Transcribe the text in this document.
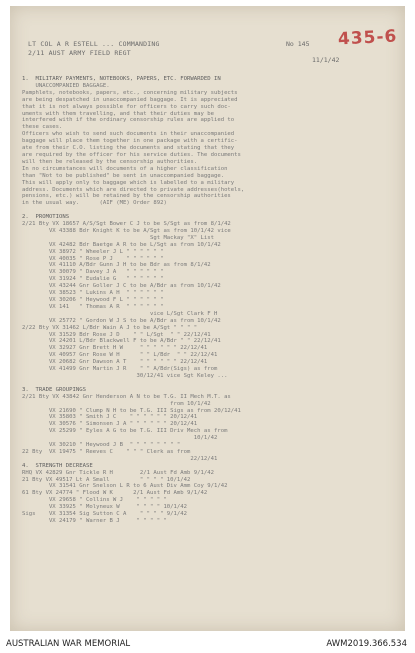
LT COL A R ESTELL ... COMMANDING
2/11 AUST ARMY FIELD REGT
No 145 435-6
11/1/42
1.  MILITARY PAYMENTS, NOTEBOOKS, PAPERS, ETC. FORWARDED IN
UNACCOMPANIED BAGGAGE.
Pamphlets, notebooks, papers, etc., concerning military subjects
are being despatched in unaccompanied baggage. It is appreciated
that it is not always possible for officers to carry such doc-
uments with them travelling, and that their duties may be
interfered with if the ordinary censorship rules are applied to
these cases.
Officers who wish to send such documents in their unaccompanied
baggage will place them together in one package with a certific-
ate from their C.O. listing the documents and stating that they
are required by the officer for his service duties. The documents
will then be released by the censorship authorities.
In no circumstances will documents of a higher classification
than "Not to be published" be sent in unaccompanied baggage.
This will apply only to baggage which is labelled to a military
address. Documents which are directed to private addresses(hotels,
pensions, etc.) will be retained by the censorship authorities
in the usual way.      (AIF (ME) Order 892)

2.  PROMOTIONS
2/21 Bty VX 18657 A/S/Sgt Bower C J to be S/Sgt as from 8/1/42
VX 43388 Bdr Knight K to be A/Sgt as from 10/1/42 vice
Sgt Mackay "X" List
VX 42482 Bdr Baetge A R to be L/Sgt as from 10/1/42
VX 38972 " Wheeler J L " " " " " "
VX 40035 " Rose P J    " " " " " "
VX 41110 A/Bdr Gunn J H to be Bdr as from 8/1/42
VX 30079 " Davey J A   " " " " " "
VX 31924 " Eudalie G   " " " " " "
VX 43244 Gnr Goller J C to be A/Bdr as from 10/1/42
VX 38523 " Lukins A H  " " " " " "
VX 30206 " Heywood F L " " " " " "
VX 141   " Thomas A R  " " " " " "
vice L/Sgt Clark F H
VX 25772 " Gordon W J S to be A/Bdr as from 10/1/42
2/22 Bty VX 31462 L/Bdr Wain A J to be A/Sgt " " " "
VX 31529 Bdr Rose J D    " " L/Sgt  " " 22/12/41
VX 24201 L/Bdr Blackwell F to be A/Bdr " " 22/12/41
VX 32927 Gnr Brett H W     " " " " " " 22/12/41
VX 40957 Gnr Rose W H      " " L/Bdr  " " 22/12/41
VX 20682 Gnr Dawson A T    " " " " " " 22/12/41
VX 41499 Gnr Martin J R    " " A/Bdr(Sigs) as from
30/12/41 vice Sgt Keley ...

3.  TRADE GROUPINGS
2/21 Bty VX 43842 Gnr Henderson A N to be T.G. II Mech M.T. as
from 10/1/42
VX 21690 " Clump N H to be T.G. III Sigs as from 20/12/41
VX 35803 " Smith J C    " " " " " " 20/12/41
VX 30576 " Simonsen J A " " " " " " 20/12/41
VX 25299 " Eyles A G to be T.G. III Driv Mech as from
10/1/42
VX 30210 " Heywood J B  " " " " " " " "
22 Bty  VX 19475 " Reeves C    " " " Clerk as from
22/12/41
4.  STRENGTH DECREASE
RHQ VX 42829 Gnr Tickle R H        2/1 Aust Fd Amb 9/1/42
21 Bty VX 49517 Lt A Small         " " " " 10/1/42
VX 31541 Gnr Snelson L R to 6 Aust Div Amm Coy 9/1/42
61 Bty VX 24774 " Flood W K      2/1 Aust Fd Amb 9/1/42
VX 29658 " Collins W J    " " " " "
VX 33925 " Molyneux W     " " " " 10/1/42
Sigs    VX 31354 Sig Sutton C A    " " " " 9/1/42
VX 24179 " Warner B J     " " " " "
AUSTRALIAN WAR MEMORIAL	AWM2019.366.534
